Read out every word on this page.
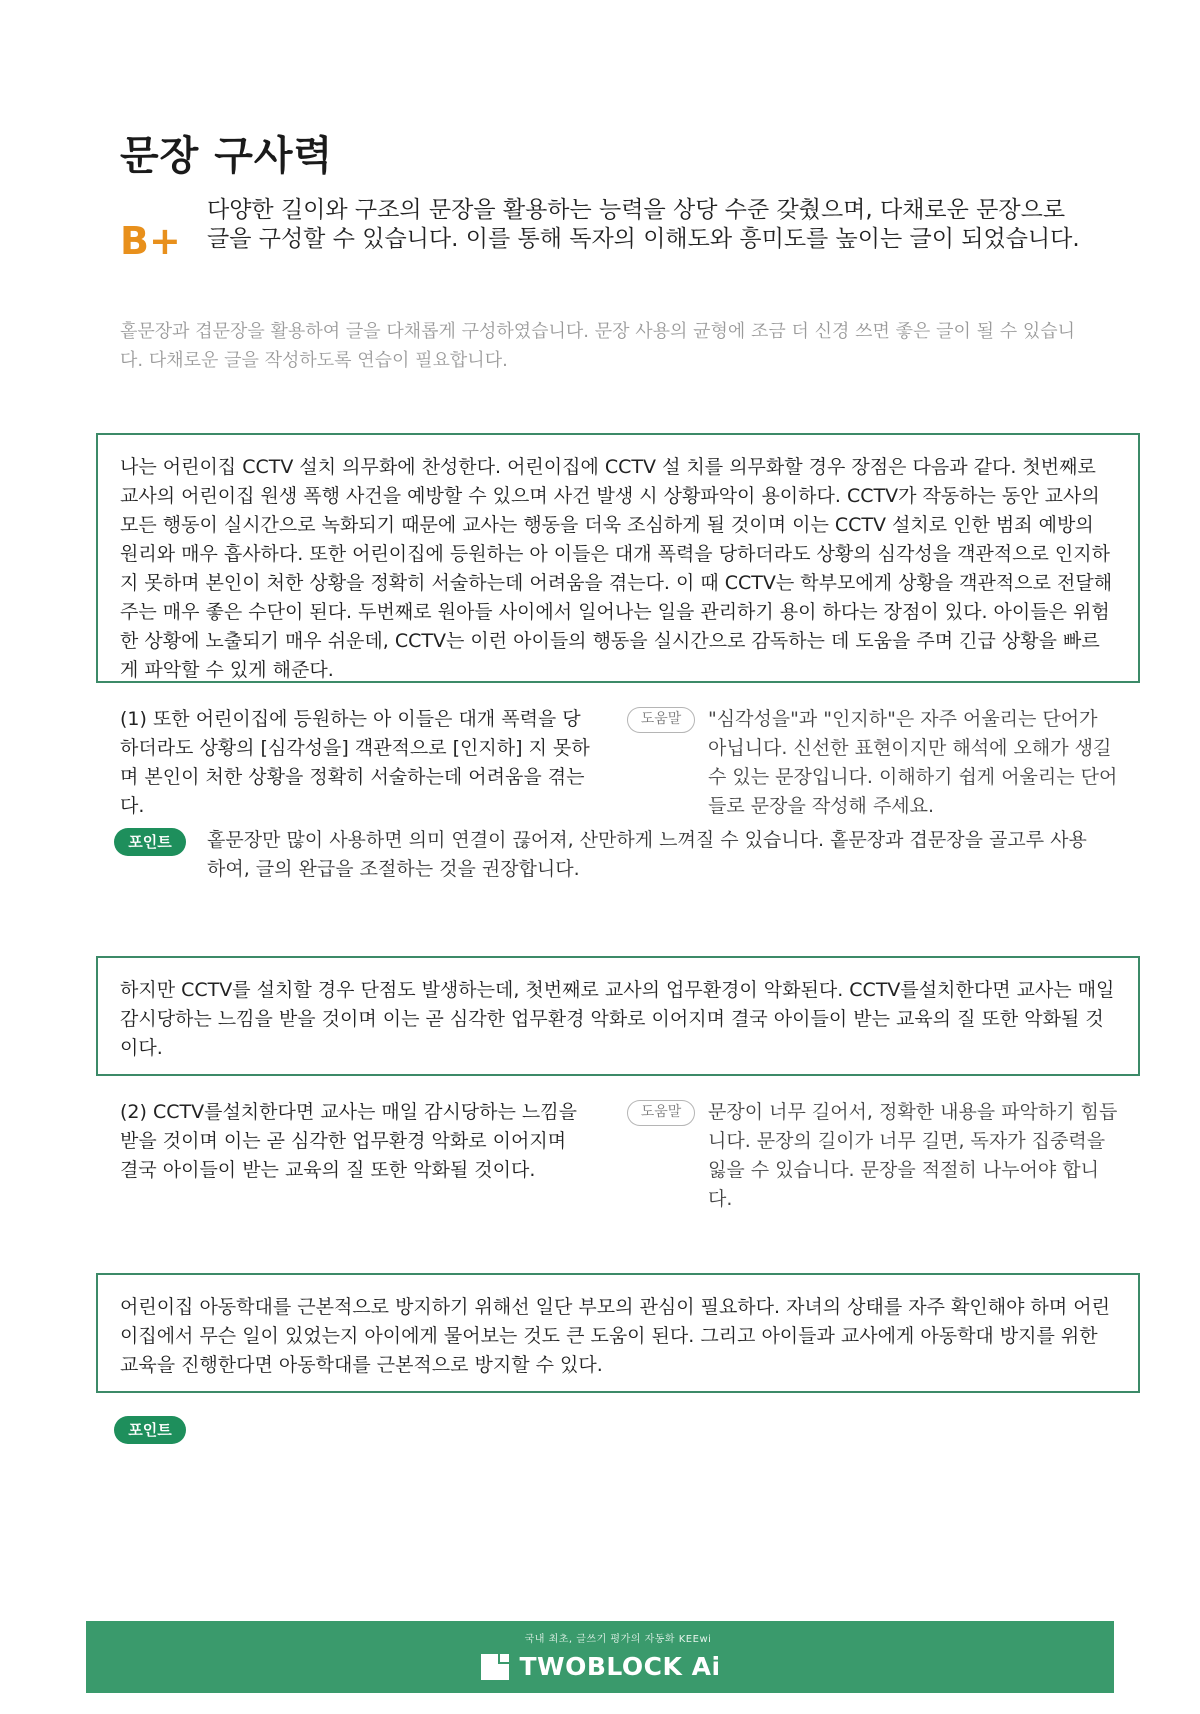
문장 구사력
B+
다양한 길이와 구조의 문장을 활용하는 능력을 상당 수준 갖췄으며, 다채로운 문장으로 글을 구성할 수 있습니다. 이를 통해 독자의 이해도와 흥미도를 높이는 글이 되었습니다.
홑문장과 겹문장을 활용하여 글을 다채롭게 구성하였습니다. 문장 사용의 균형에 조금 더 신경 쓰면 좋은 글이 될 수 있습니다. 다채로운 글을 작성하도록 연습이 필요합니다.

나는 어린이집 CCTV 설치 의무화에 찬성한다. 어린이집에 CCTV 설 치를 의무화할 경우 장점은 다음과 같다. 첫번째로 교사의 어린이집 원생 폭행 사건을 예방할 수 있으며 사건 발생 시 상황파악이 용이하다. CCTV가 작동하는 동안 교사의 모든 행동이 실시간으로 녹화되기 때문에 교사는 행동을 더욱 조심하게 될 것이며 이는 CCTV 설치로 인한 범죄 예방의 원리와 매우 흡사하다. 또한 어린이집에 등원하는 아 이들은 대개 폭력을 당하더라도 상황의 심각성을 객관적으로 인지하 지 못하며 본인이 처한 상황을 정확히 서술하는데 어려움을 겪는다. 이 때 CCTV는 학부모에게 상황을 객관적으로 전달해 주는 매우 좋은 수단이 된다. 두번째로 원아들 사이에서 일어나는 일을 관리하기 용이 하다는 장점이 있다. 아이들은 위험한 상황에 노출되기 매우 쉬운데, CCTV는 이런 아이들의 행동을 실시간으로 감독하는 데 도움을 주며 긴급 상황을 빠르게 파악할 수 있게 해준다.

(1) 또한 어린이집에 등원하는 아 이들은 대개 폭력을 당하더라도 상황의 [심각성을] 객관적으로 [인지하] 지 못하며 본인이 처한 상황을 정확히 서술하는데 어려움을 겪는다.
도움말	"심각성을"과 "인지하"은 자주 어울리는 단어가 아닙니다. 신선한 표현이지만 해석에 오해가 생길 수 있는 문장입니다. 이해하기 쉽게 어울리는 단어들로 문장을 작성해 주세요.
포인트	홑문장만 많이 사용하면 의미 연결이 끊어져, 산만하게 느껴질 수 있습니다. 홑문장과 겹문장을 골고루 사용하여, 글의 완급을 조절하는 것을 권장합니다.

하지만 CCTV를 설치할 경우 단점도 발생하는데, 첫번째로 교사의 업무환경이 악화된다. CCTV를설치한다면 교사는 매일 감시당하는 느낌을 받을 것이며 이는 곧 심각한 업무환경 악화로 이어지며 결국 아이들이 받는 교육의 질 또한 악화될 것이다.

(2) CCTV를설치한다면 교사는 매일 감시당하는 느낌을 받을 것이며 이는 곧 심각한 업무환경 악화로 이어지며 결국 아이들이 받는 교육의 질 또한 악화될 것이다.
도움말	문장이 너무 길어서, 정확한 내용을 파악하기 힘듭니다. 문장의 길이가 너무 길면, 독자가 집중력을 잃을 수 있습니다. 문장을 적절히 나누어야 합니다.

어린이집 아동학대를 근본적으로 방지하기 위해선 일단 부모의 관심이 필요하다. 자녀의 상태를 자주 확인해야 하며 어린이집에서 무슨 일이 있었는지 아이에게 물어보는 것도 큰 도움이 된다. 그리고 아이들과 교사에게 아동학대 방지를 위한 교육을 진행한다면 아동학대를 근본적으로 방지할 수 있다.

포인트
국내 최초, 글쓰기 평가의 자동화 KEEwi
TWOBLOCK Ai
